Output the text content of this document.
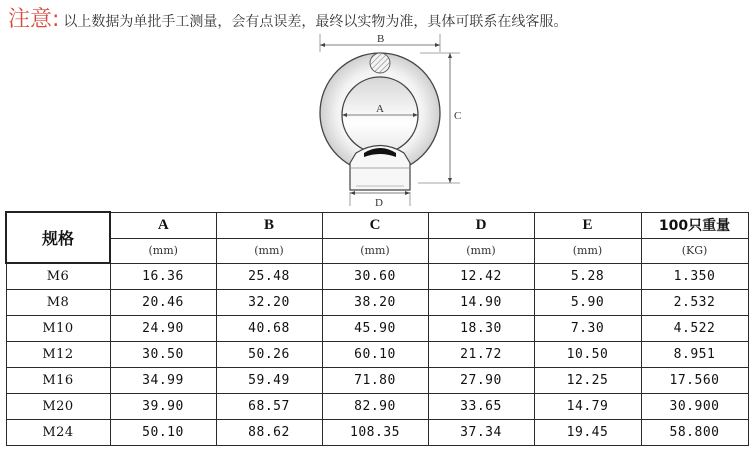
注意: 以上数据为单批手工测量，会有点误差，最终以实物为准，具体可联系在线客服。
B
C
A
D
规格	A	B	C	D	E	100只重量
	(mm)	(mm)	(mm)	(mm)	(mm)	(KG)
M6	16.36	25.48	30.60	12.42	5.28	1.350
M8	20.46	32.20	38.20	14.90	5.90	2.532
M10	24.90	40.68	45.90	18.30	7.30	4.522
M12	30.50	50.26	60.10	21.72	10.50	8.951
M16	34.99	59.49	71.80	27.90	12.25	17.560
M20	39.90	68.57	82.90	33.65	14.79	30.900
M24	50.10	88.62	108.35	37.34	19.45	58.800
